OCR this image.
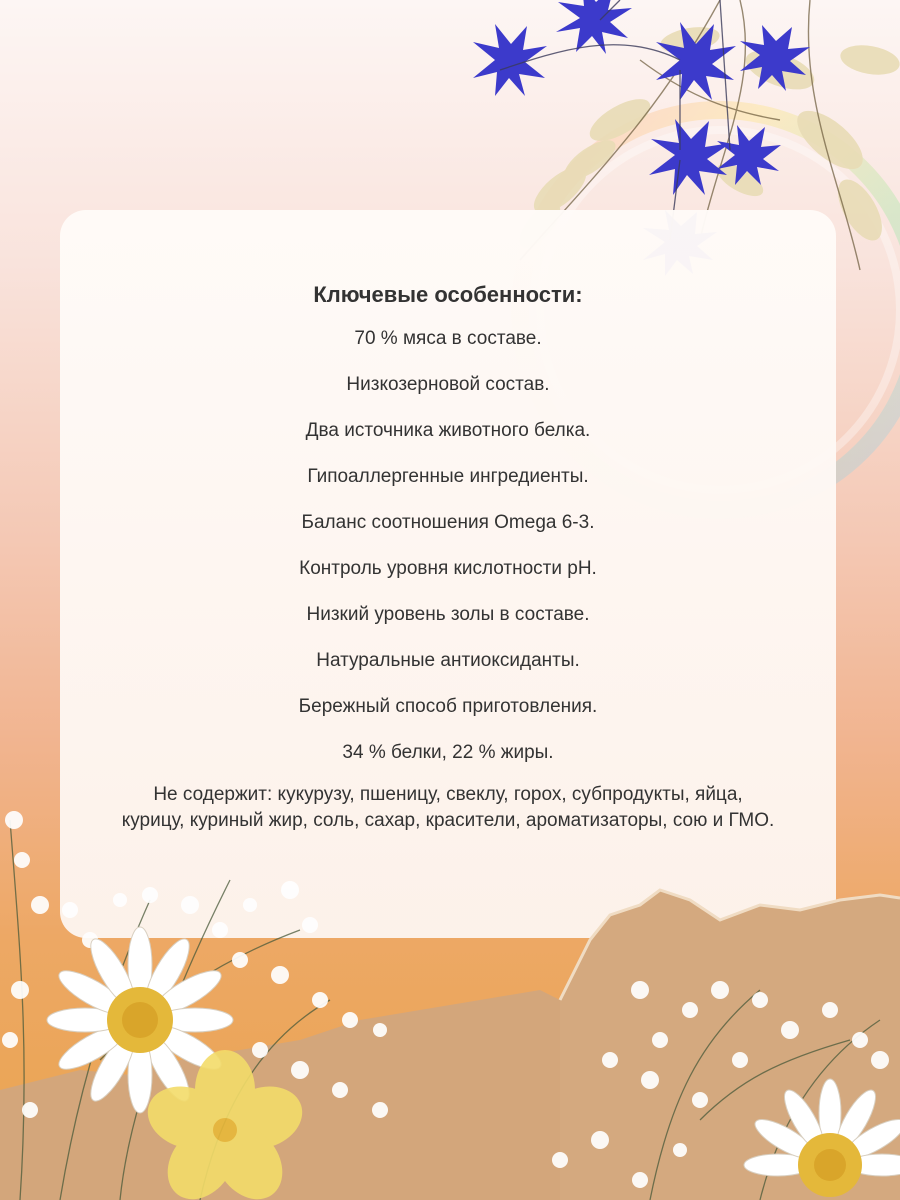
Ключевые особенности:
70 % мяса в составе.
Низкозерновой состав.
Два источника животного белка.
Гипоаллергенные ингредиенты.
Баланс соотношения Omega 6-3.
Контроль уровня кислотности pH.
Низкий уровень золы в составе.
Натуральные антиоксиданты.
Бережный способ приготовления.
34 % белки, 22 % жиры.

Не содержит: кукурузу, пшеницу, свеклу, горох, субпродукты, яйца, курицу, куриный жир, соль, сахар, красители, ароматизаторы, сою и ГМО.
